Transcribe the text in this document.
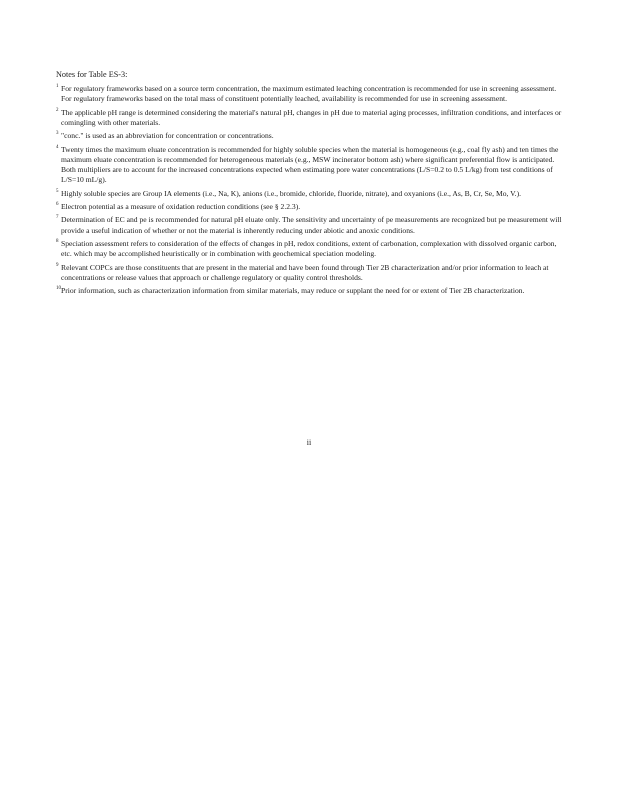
Notes for Table ES-3:
1 For regulatory frameworks based on a source term concentration, the maximum estimated leaching concentration is recommended for use in screening assessment. For regulatory frameworks based on the total mass of constituent potentially leached, availability is recommended for use in screening assessment.
2 The applicable pH range is determined considering the material's natural pH, changes in pH due to material aging processes, infiltration conditions, and interfaces or comingling with other materials.
3 "conc." is used as an abbreviation for concentration or concentrations.
4 Twenty times the maximum eluate concentration is recommended for highly soluble species when the material is homogeneous (e.g., coal fly ash) and ten times the maximum eluate concentration is recommended for heterogeneous materials (e.g., MSW incinerator bottom ash) where significant preferential flow is anticipated. Both multipliers are to account for the increased concentrations expected when estimating pore water concentrations (L/S=0.2 to 0.5 L/kg) from test conditions of L/S=10 mL/g).
5 Highly soluble species are Group IA elements (i.e., Na, K), anions (i.e., bromide, chloride, fluoride, nitrate), and oxyanions (i.e., As, B, Cr, Se, Mo, V.).
6 Electron potential as a measure of oxidation reduction conditions (see § 2.2.3).
7 Determination of EC and pe is recommended for natural pH eluate only. The sensitivity and uncertainty of pe measurements are recognized but pe measurement will provide a useful indication of whether or not the material is inherently reducing under abiotic and anoxic conditions.
8 Speciation assessment refers to consideration of the effects of changes in pH, redox conditions, extent of carbonation, complexation with dissolved organic carbon, etc. which may be accomplished heuristically or in combination with geochemical speciation modeling.
9 Relevant COPCs are those constituents that are present in the material and have been found through Tier 2B characterization and/or prior information to leach at concentrations or release values that approach or challenge regulatory or quality control thresholds.
10 Prior information, such as characterization information from similar materials, may reduce or supplant the need for or extent of Tier 2B characterization.
ii
